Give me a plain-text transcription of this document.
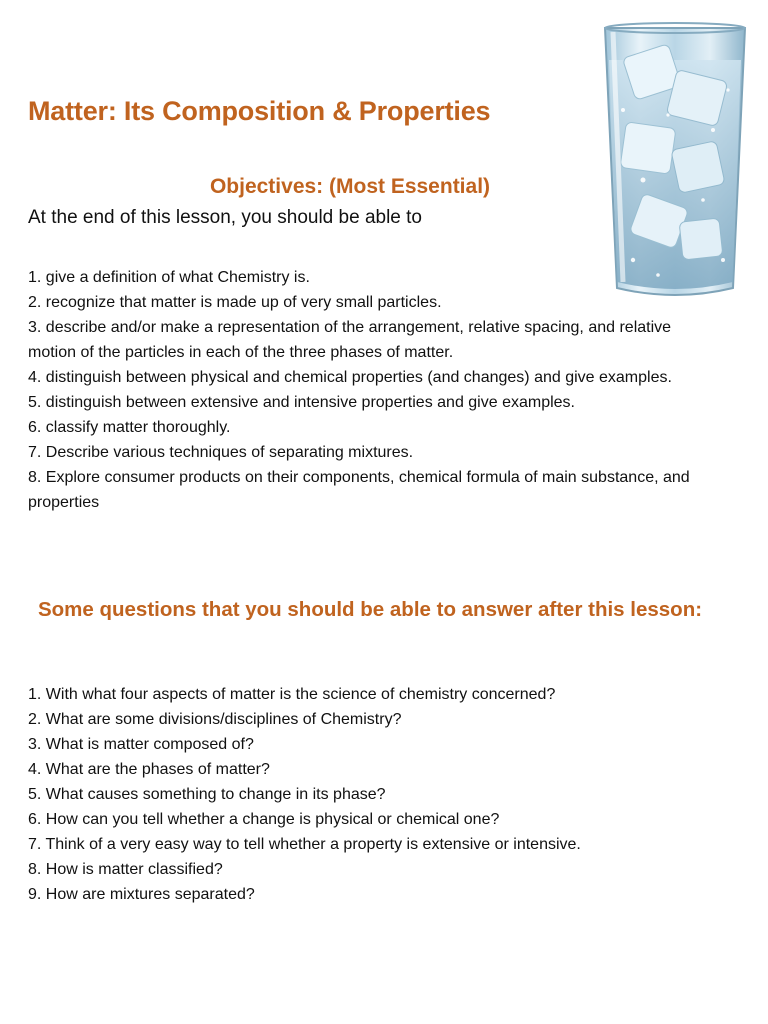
Matter: Its Composition & Properties
Objectives: (Most Essential)

At the end of this lesson, you should be able to

1. give a definition of what Chemistry is.
2. recognize that matter is made up of very small particles.
3. describe and/or make a representation of the arrangement, relative spacing, and relative motion of the particles in each of the three phases of matter.
4. distinguish between physical and chemical properties (and changes) and give examples.
5. distinguish between extensive and intensive properties and give examples.
6. classify matter thoroughly.
7. Describe various techniques of separating mixtures.
8. Explore consumer products on their components, chemical formula of main substance, and properties
Some questions that you should be able to answer after this lesson:
1. With what four aspects of matter is the science of chemistry concerned?
2. What are some divisions/disciplines of Chemistry?
3. What is matter composed of?
4. What are the phases of matter?
5. What causes something to change in its phase?
6. How can you tell whether a change is physical or chemical one?
7. Think of a very easy way to tell whether a property is extensive or intensive.
8. How is matter classified?
9. How are mixtures separated?
